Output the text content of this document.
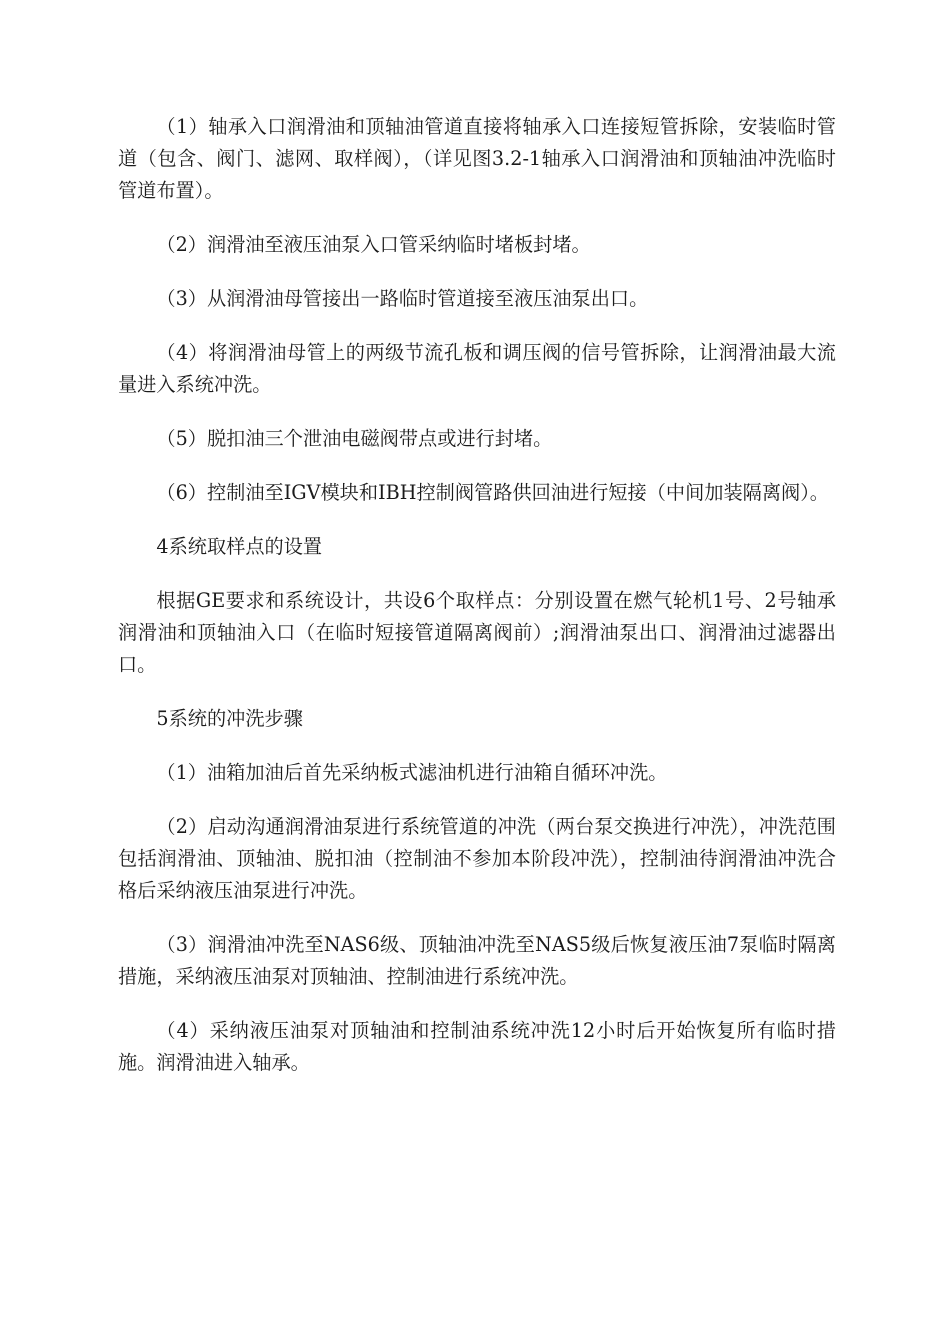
（1）轴承入口润滑油和顶轴油管道直接将轴承入口连接短管拆除，安装临时管道（包含、阀门、滤网、取样阀），（详见图3.2-1轴承入口润滑油和顶轴油冲洗临时管道布置）。

（2）润滑油至液压油泵入口管采纳临时堵板封堵。

（3）从润滑油母管接出一路临时管道接至液压油泵出口。

（4）将润滑油母管上的两级节流孔板和调压阀的信号管拆除，让润滑油最大流量进入系统冲洗。

（5）脱扣油三个泄油电磁阀带点或进行封堵。

（6）控制油至IGV模块和IBH控制阀管路供回油进行短接（中间加装隔离阀）。

4系统取样点的设置

根据GE要求和系统设计，共设6个取样点：分别设置在燃气轮机1号、2号轴承润滑油和顶轴油入口（在临时短接管道隔离阀前）;润滑油泵出口、润滑油过滤器出口。

5系统的冲洗步骤

（1）油箱加油后首先采纳板式滤油机进行油箱自循环冲洗。

（2）启动沟通润滑油泵进行系统管道的冲洗（两台泵交换进行冲洗），冲洗范围包括润滑油、顶轴油、脱扣油（控制油不参加本阶段冲洗），控制油待润滑油冲洗合格后采纳液压油泵进行冲洗。

（3）润滑油冲洗至NAS6级、顶轴油冲洗至NAS5级后恢复液压油7泵临时隔离措施，采纳液压油泵对顶轴油、控制油进行系统冲洗。

（4）采纳液压油泵对顶轴油和控制油系统冲洗12小时后开始恢复所有临时措施。润滑油进入轴承。
